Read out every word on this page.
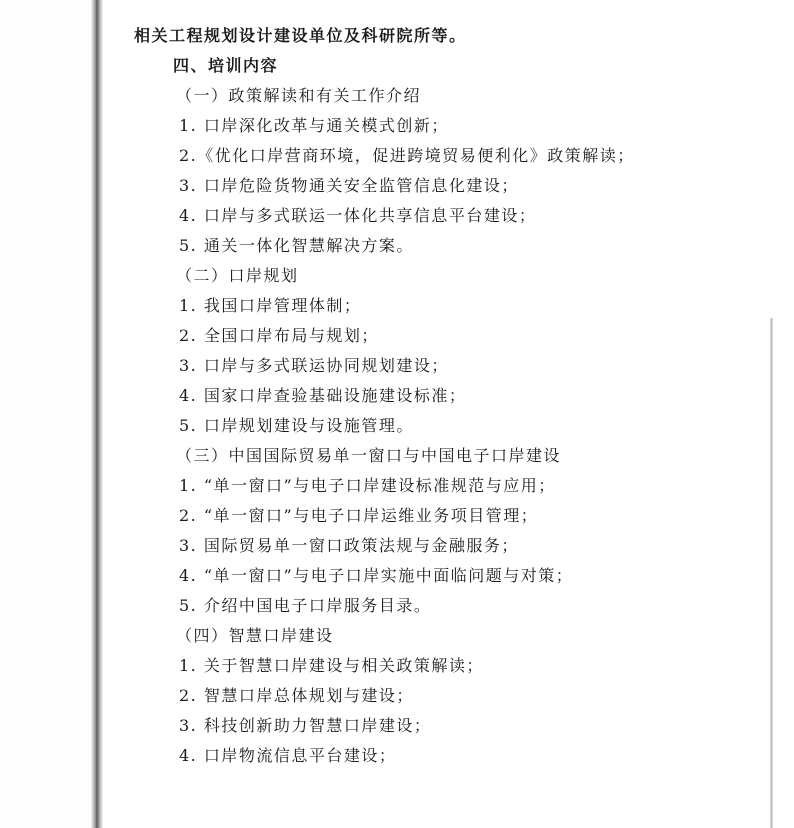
相关工程规划设计建设单位及科研院所等。
四、培训内容
（一）政策解读和有关工作介绍
1. 口岸深化改革与通关模式创新；
2.《优化口岸营商环境，促进跨境贸易便利化》政策解读；
3. 口岸危险货物通关安全监管信息化建设；
4. 口岸与多式联运一体化共享信息平台建设；
5. 通关一体化智慧解决方案。
（二）口岸规划
1. 我国口岸管理体制；
2. 全国口岸布局与规划；
3. 口岸与多式联运协同规划建设；
4. 国家口岸查验基础设施建设标准；
5. 口岸规划建设与设施管理。
（三）中国国际贸易单一窗口与中国电子口岸建设
1. “单一窗口”与电子口岸建设标准规范与应用；
2. “单一窗口”与电子口岸运维业务项目管理；
3. 国际贸易单一窗口政策法规与金融服务；
4. “单一窗口”与电子口岸实施中面临问题与对策；
5. 介绍中国电子口岸服务目录。
（四）智慧口岸建设
1. 关于智慧口岸建设与相关政策解读；
2. 智慧口岸总体规划与建设；
3. 科技创新助力智慧口岸建设；
4. 口岸物流信息平台建设；
